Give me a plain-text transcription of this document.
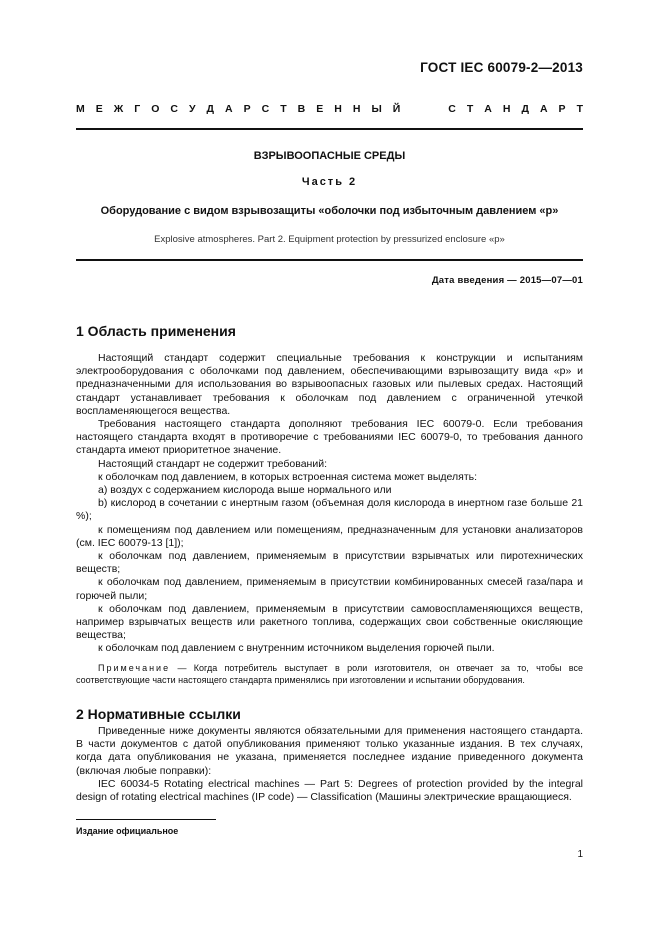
ГОСТ IEC 60079-2—2013
М Е Ж Г О С У Д А Р С Т В Е Н Н Ы Й	С Т А Н Д А Р Т
ВЗРЫВООПАСНЫЕ СРЕДЫ
Часть 2
Оборудование с видом взрывозащиты «оболочки под избыточным давлением «р»
Explosive atmospheres. Part 2. Equipment protection by pressurized enclosure «p»
Дата введения — 2015—07—01
1 Область применения

Настоящий стандарт содержит специальные требования к конструкции и испытаниям электрооборудования с оболочками под давлением, обеспечивающими взрывозащиту вида «р» и предназначенными для использования во взрывоопасных газовых или пылевых средах. Настоящий стандарт устанавливает требования к оболочкам под давлением с ограниченной утечкой воспламеняющегося вещества.

Требования настоящего стандарта дополняют требования IEC 60079-0. Если требования настоящего стандарта входят в противоречие с требованиями IEC 60079-0, то требования данного стандарта имеют приоритетное значение.

Настоящий стандарт не содержит требований:

к оболочкам под давлением, в которых встроенная система может выделять:

а) воздух с содержанием кислорода выше нормального или

b) кислород в сочетании с инертным газом (объемная доля кислорода в инертном газе больше 21 %);

к помещениям под давлением или помещениям, предназначенным для установки анализаторов (см. IEC 60079-13 [1]);

к оболочкам под давлением, применяемым в присутствии взрывчатых или пиротехнических веществ;

к оболочкам под давлением, применяемым в присутствии комбинированных смесей газа/пара и горючей пыли;

к оболочкам под давлением, применяемым в присутствии самовоспламеняющихся веществ, например взрывчатых веществ или ракетного топлива, содержащих свои собственные окисляющие вещества;

к оболочкам под давлением с внутренним источником выделения горючей пыли.

Примечание — Когда потребитель выступает в роли изготовителя, он отвечает за то, чтобы все соответствующие части настоящего стандарта применялись при изготовлении и испытании оборудования.

2 Нормативные ссылки

Приведенные ниже документы являются обязательными для применения настоящего стандарта. В части документов с датой опубликования применяют только указанные издания. В тех случаях, когда дата опубликования не указана, применяется последнее издание приведенного документа (включая любые поправки):

IEC 60034-5 Rotating electrical machines — Part 5: Degrees of protection provided by the integral design of rotating electrical machines (IP code) — Classification (Машины электрические вращающиеся.

Издание официальное
1
